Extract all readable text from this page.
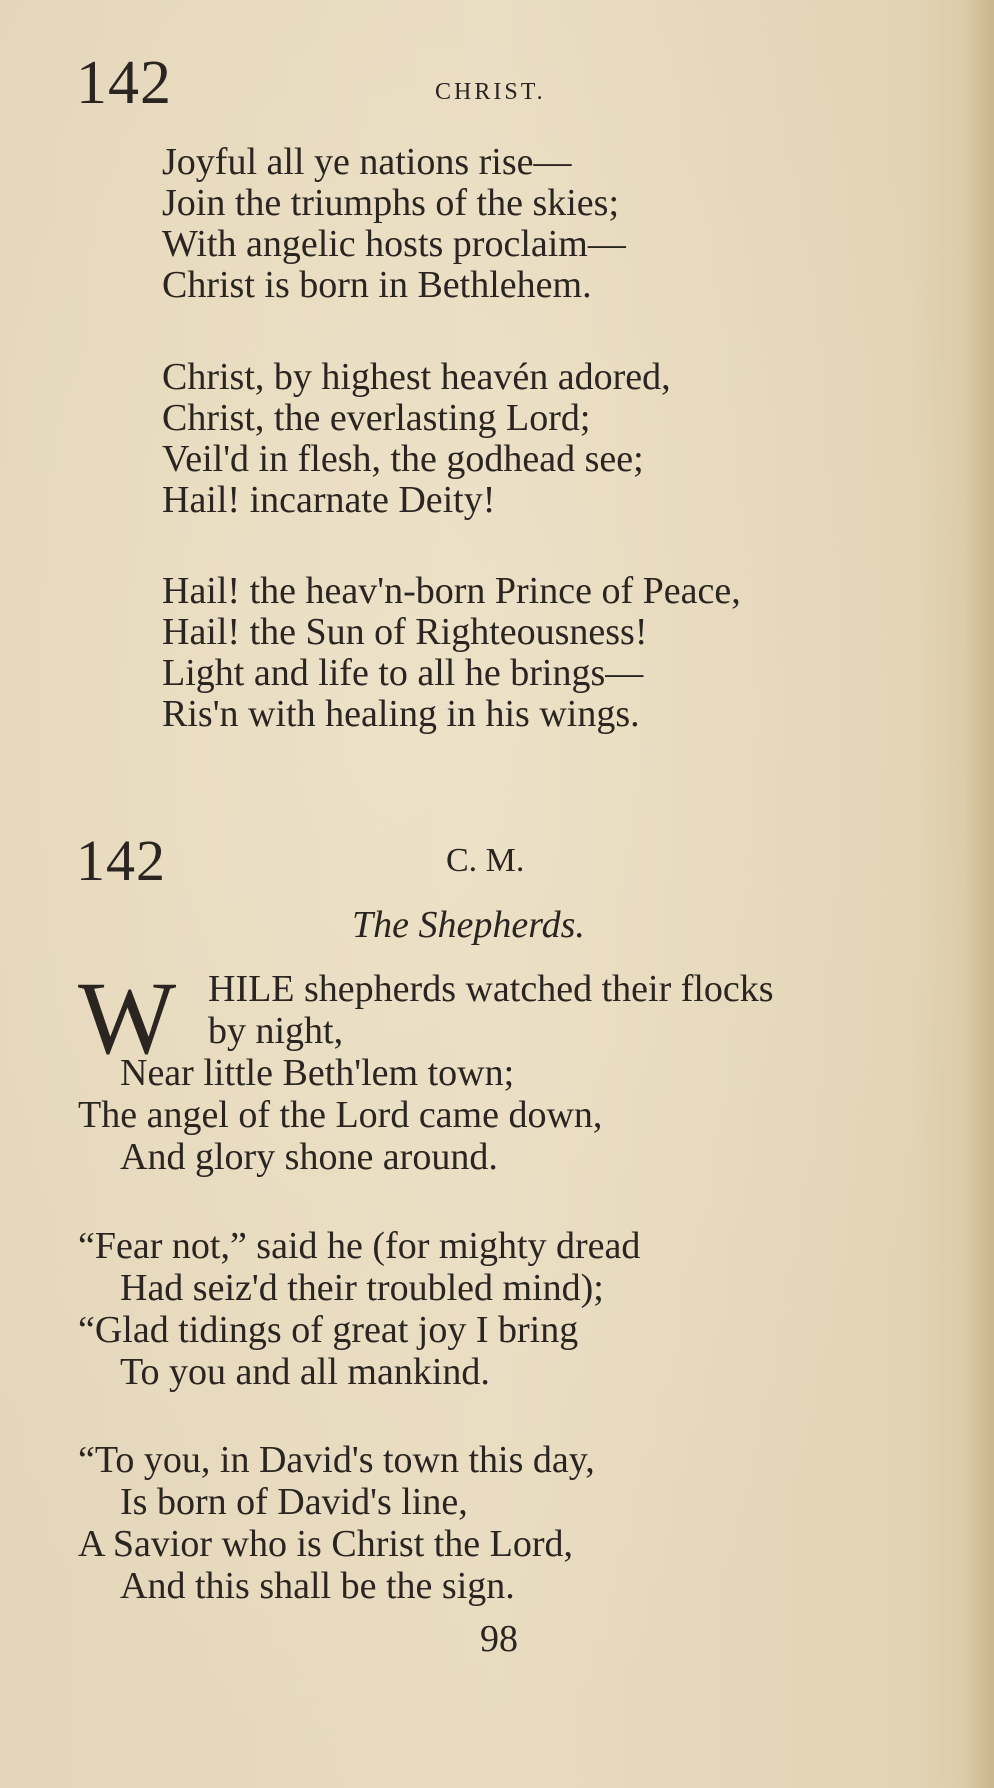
142	CHRIST.
Joyful all ye nations rise—
Join the triumphs of the skies;
With angelic hosts proclaim—
Christ is born in Bethlehem.
Christ, by highest heavén adored,
Christ, the everlasting Lord;
Veil'd in flesh, the godhead see;
Hail! incarnate Deity!
Hail! the heav'n-born Prince of Peace,
Hail! the Sun of Righteousness!
Light and life to all he brings—
Ris'n with healing in his wings.
142	C. M.
The Shepherds.
W HILE shepherds watched their flocks
by night,
Near little Beth'lem town;
The angel of the Lord came down,
And glory shone around.
“Fear not,” said he (for mighty dread
Had seiz'd their troubled mind);
“Glad tidings of great joy I bring
To you and all mankind.
“To you, in David's town this day,
Is born of David's line,
A Savior who is Christ the Lord,
And this shall be the sign.
98
